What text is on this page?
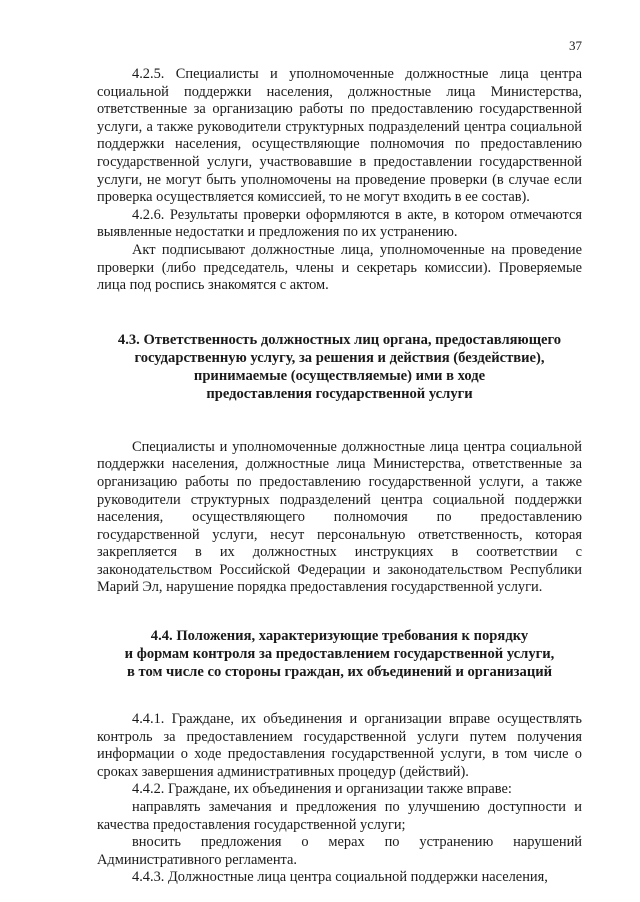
37

4.2.5. Специалисты и уполномоченные должностные лица центра социальной поддержки населения, должностные лица Министерства, ответственные за организацию работы по предоставлению государственной услуги, а также руководители структурных подразделений центра социальной поддержки населения, осуществляющие полномочия по предоставлению государственной услуги, участвовавшие в предоставлении государственной услуги, не могут быть уполномочены на проведение проверки (в случае если проверка осуществляется комиссией, то не могут входить в ее состав).

4.2.6. Результаты проверки оформляются в акте, в котором отмечаются выявленные недостатки и предложения по их устранению.

Акт подписывают должностные лица, уполномоченные на проведение проверки (либо председатель, члены и секретарь комиссии). Проверяемые лица под роспись знакомятся с актом.

4.3. Ответственность должностных лиц органа, предоставляющего
государственную услугу, за решения и действия (бездействие),
принимаемые (осуществляемые) ими в ходе
предоставления государственной услуги

Специалисты и уполномоченные должностные лица центра социальной поддержки населения, должностные лица Министерства, ответственные за организацию работы по предоставлению государственной услуги, а также руководители структурных подразделений центра социальной поддержки населения, осуществляющего полномочия по предоставлению государственной услуги, несут персональную ответственность, которая закрепляется в их должностных инструкциях в соответствии с законодательством Российской Федерации и законодательством Республики Марий Эл, нарушение порядка предоставления государственной услуги.

4.4. Положения, характеризующие требования к порядку
и формам контроля за предоставлением государственной услуги,
в том числе со стороны граждан, их объединений и организаций

4.4.1. Граждане, их объединения и организации вправе осуществлять контроль за предоставлением государственной услуги путем получения информации о ходе предоставления государственной услуги, в том числе о сроках завершения административных процедур (действий).

4.4.2. Граждане, их объединения и организации также вправе:

направлять замечания и предложения по улучшению доступности и качества предоставления государственной услуги;

вносить предложения о мерах по устранению нарушений Административного регламента.

4.4.3. Должностные лица центра социальной поддержки населения,
